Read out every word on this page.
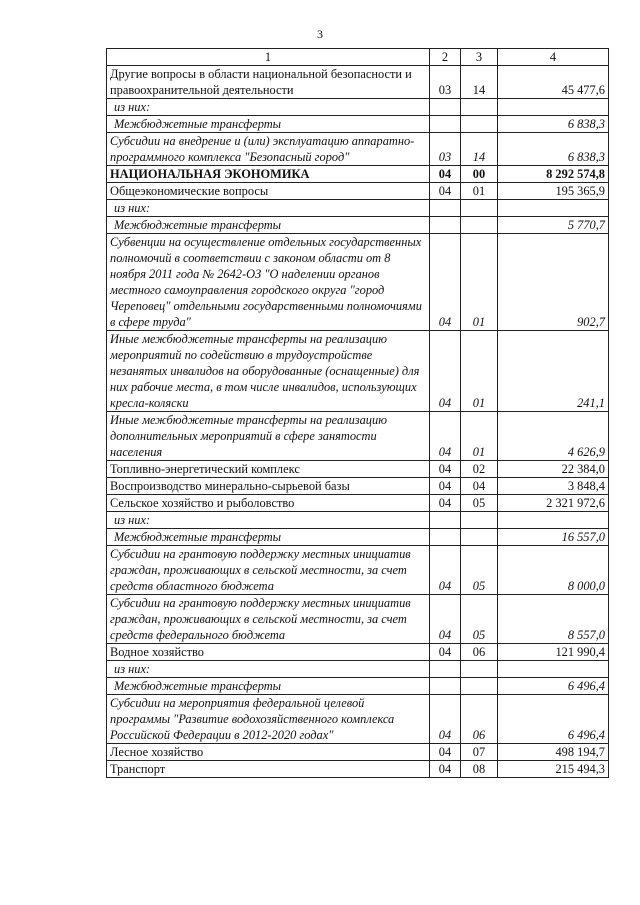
3
1	2	3	4
Другие вопросы в области национальной безопасности и правоохранительной деятельности	03	14	45 477,6
из них:			
Межбюджетные трансферты			6 838,3
Субсидии на внедрение и (или) эксплуатацию аппаратно-программного комплекса "Безопасный город"	03	14	6 838,3
НАЦИОНАЛЬНАЯ ЭКОНОМИКА	04	00	8 292 574,8
Общеэкономические вопросы	04	01	195 365,9
из них:			
Межбюджетные трансферты			5 770,7
Субвенции на осуществление отдельных государственных полномочий в соответствии с законом области от 8 ноября 2011 года № 2642-ОЗ "О наделении органов местного самоуправления городского округа "город Череповец" отдельными государственными полномочиями в сфере труда"	04	01	902,7
Иные межбюджетные трансферты на реализацию мероприятий по содействию в трудоустройстве незанятых инвалидов на оборудованные (оснащенные) для них рабочие места, в том числе инвалидов, использующих кресла-коляски	04	01	241,1
Иные межбюджетные трансферты на реализацию дополнительных мероприятий в сфере занятости населения	04	01	4 626,9
Топливно-энергетический комплекс	04	02	22 384,0
Воспроизводство минерально-сырьевой базы	04	04	3 848,4
Сельское хозяйство и рыболовство	04	05	2 321 972,6
из них:			
Межбюджетные трансферты			16 557,0
Субсидии на грантовую поддержку местных инициатив граждан, проживающих в сельской местности, за счет средств областного бюджета	04	05	8 000,0
Субсидии на грантовую поддержку местных инициатив граждан, проживающих в сельской местности, за счет средств федерального бюджета	04	05	8 557,0
Водное хозяйство	04	06	121 990,4
из них:			
Межбюджетные трансферты			6 496,4
Субсидии на мероприятия федеральной целевой программы "Развитие водохозяйственного комплекса Российской Федерации в 2012-2020 годах"	04	06	6 496,4
Лесное хозяйство	04	07	498 194,7
Транспорт	04	08	215 494,3
